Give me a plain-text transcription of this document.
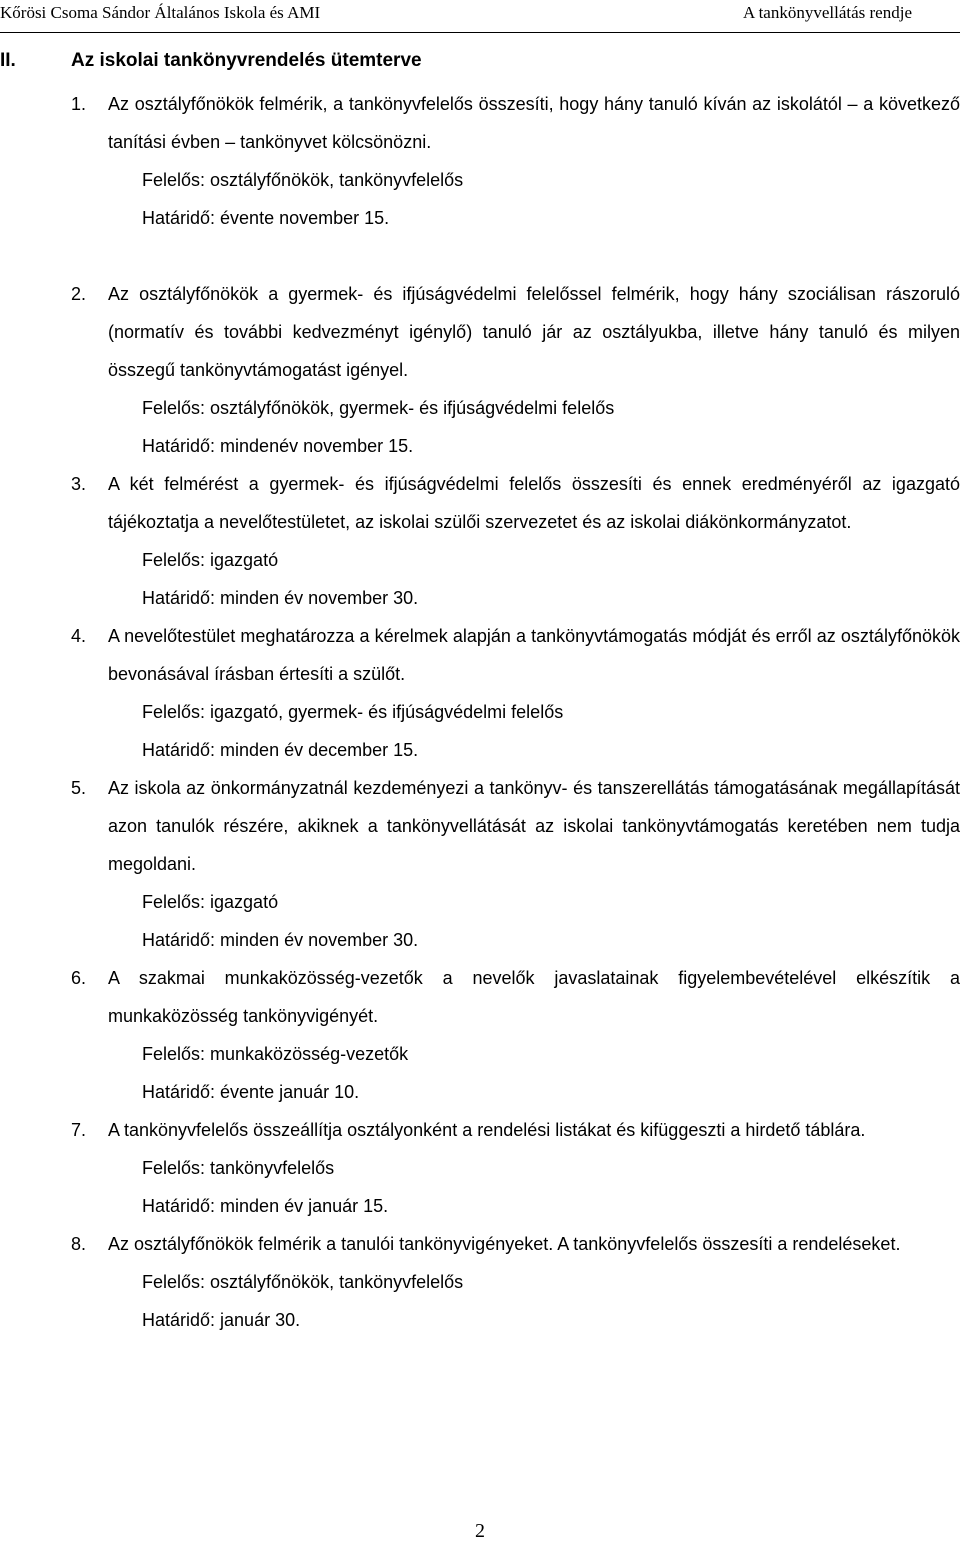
Kőrösi Csoma Sándor Általános Iskola és AMI	A tankönyvellátás rendje
II.	Az iskolai tankönyvrendelés ütemterve
1. Az osztályfőnökök felmérik, a tankönyvfelelős összesíti, hogy hány tanuló kíván az iskolától – a következő tanítási évben – tankönyvet kölcsönözni.

Felelős: osztályfőnökök, tankönyvfelelős

Határidő: évente november 15.

2. Az osztályfőnökök a gyermek- és ifjúságvédelmi felelőssel felmérik, hogy hány szociálisan rászoruló (normatív és további kedvezményt igénylő) tanuló jár az osztályukba, illetve hány tanuló és milyen összegű tankönyvtámogatást igényel.

Felelős: osztályfőnökök, gyermek- és ifjúságvédelmi felelős

Határidő: mindenév november 15.

3. A két felmérést a gyermek- és ifjúságvédelmi felelős összesíti és ennek eredményéről az igazgató tájékoztatja a nevelőtestületet, az iskolai szülői szervezetet és az iskolai diákönkormányzatot.

Felelős: igazgató

Határidő: minden év november 30.

4. A nevelőtestület meghatározza a kérelmek alapján a tankönyvtámogatás módját és erről az osztályfőnökök bevonásával írásban értesíti a szülőt.

Felelős: igazgató, gyermek- és ifjúságvédelmi felelős

Határidő: minden év december 15.

5. Az iskola az önkormányzatnál kezdeményezi a tankönyv- és tanszerellátás támogatásának megállapítását azon tanulók részére, akiknek a tankönyvellátását az iskolai tankönyvtámogatás keretében nem tudja megoldani.

Felelős: igazgató

Határidő: minden év november 30.

6. A szakmai munkaközösség-vezetők a nevelők javaslatainak figyelembevételével elkészítik a munkaközösség tankönyvigényét.

Felelős: munkaközösség-vezetők

Határidő: évente január 10.

7. A tankönyvfelelős összeállítja osztályonként a rendelési listákat és kifüggeszti a hirdető táblára.

Felelős: tankönyvfelelős

Határidő: minden év január 15.

8. Az osztályfőnökök felmérik a tanulói tankönyvigényeket. A tankönyvfelelős összesíti a rendeléseket.

Felelős: osztályfőnökök, tankönyvfelelős

Határidő: január 30.

2
